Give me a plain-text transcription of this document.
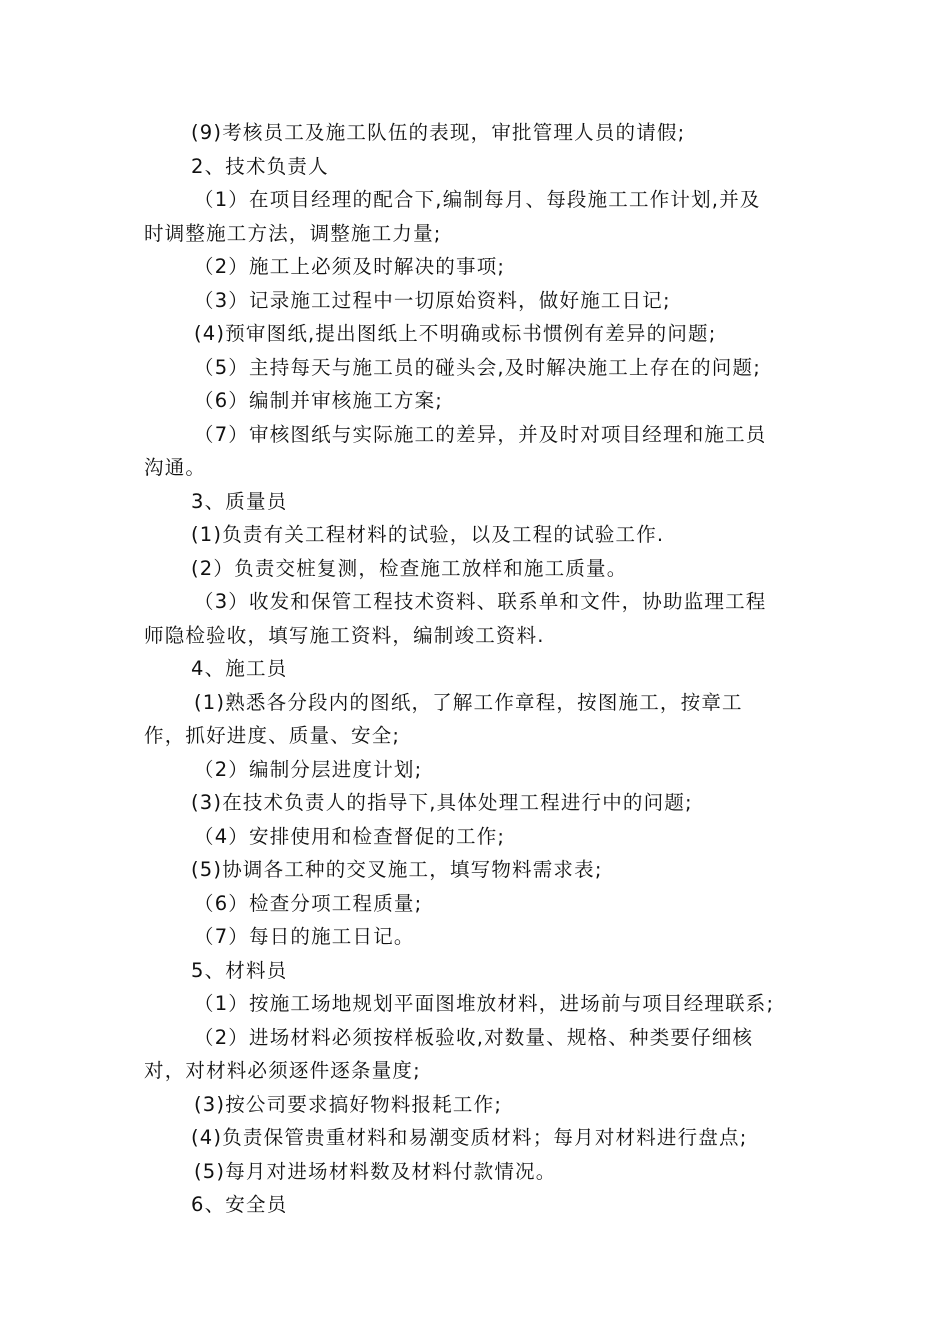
(9)考核员工及施工队伍的表现，审批管理人员的请假;
2、技术负责人
（1）在项目经理的配合下,编制每月、每段施工工作计划,并及
时调整施工方法，调整施工力量;
（2）施工上必须及时解决的事项;
（3）记录施工过程中一切原始资料，做好施工日记;
(4)预审图纸,提出图纸上不明确或标书惯例有差异的问题;
（5）主持每天与施工员的碰头会,及时解决施工上存在的问题;
（6）编制并审核施工方案;
（7）审核图纸与实际施工的差异，并及时对项目经理和施工员
沟通。
3、质量员
(1)负责有关工程材料的试验，以及工程的试验工作.
(2）负责交桩复测，检查施工放样和施工质量。
（3）收发和保管工程技术资料、联系单和文件，协助监理工程
师隐检验收，填写施工资料，编制竣工资料.
4、施工员
(1)熟悉各分段内的图纸，了解工作章程，按图施工，按章工
作，抓好进度、质量、安全;
（2）编制分层进度计划;
(3)在技术负责人的指导下,具体处理工程进行中的问题;
（4）安排使用和检查督促的工作;
(5)协调各工种的交叉施工，填写物料需求表;
（6）检查分项工程质量;
（7）每日的施工日记。
5、材料员
（1）按施工场地规划平面图堆放材料，进场前与项目经理联系;
（2）进场材料必须按样板验收,对数量、规格、种类要仔细核
对，对材料必须逐件逐条量度;
(3)按公司要求搞好物料报耗工作;
(4)负责保管贵重材料和易潮变质材料；每月对材料进行盘点;
(5)每月对进场材料数及材料付款情况。
6、安全员
